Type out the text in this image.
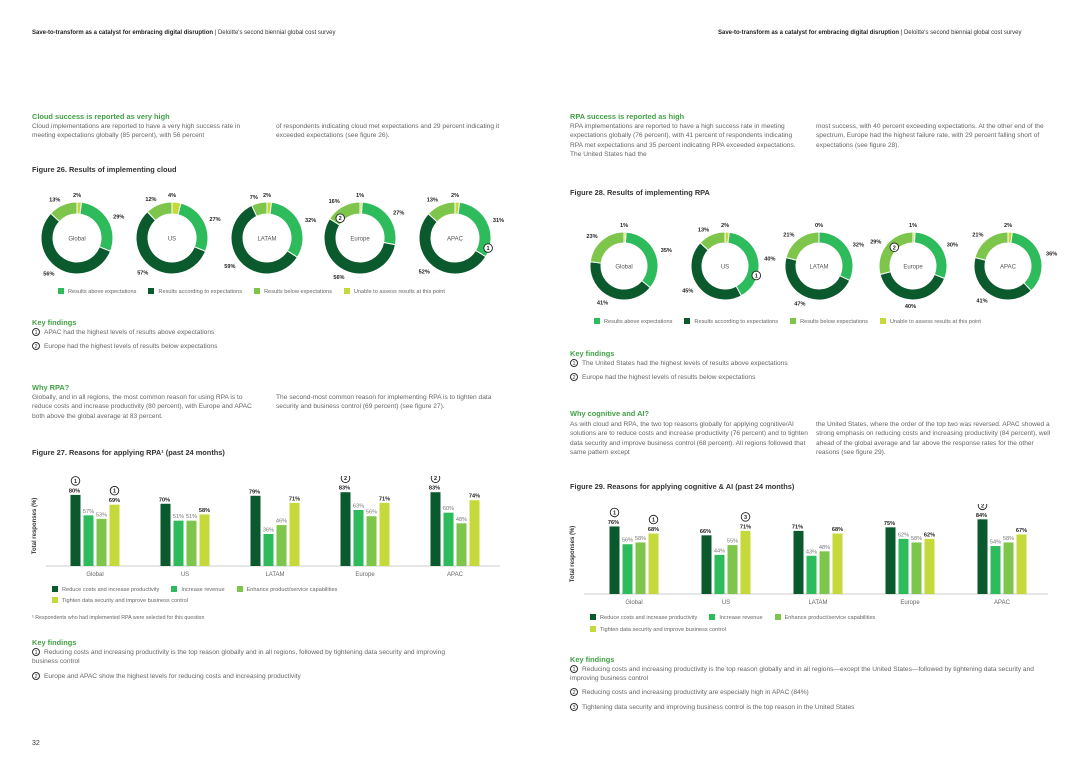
Save-to-transform as a catalyst for embracing digital disruption | Deloitte's second biennial global cost survey
Cloud success is reported as very high
Cloud implementations are reported to have a very high success rate in meeting expectations globally (85 percent), with 56 percent
of respondents indicating cloud met expectations and 29 percent indicating it exceeded expectations (see figure 26).
Figure 26. Results of implementing cloud
Global
2%
29%
56%
13%
US
4%
27%
57%
12%
LATAM
2%
32%
59%
7%
Europe
1%
27%
56%
16%
2
APAC
2%
31%
52%
13%
1
Results above expectations	Results according to expectations	Results below expectations	Unable to assess results at this point
Key findings
1 APAC had the highest levels of results above expectations
2 Europe had the highest levels of results below expectations
Why RPA?
Globally, and in all regions, the most common reason for using RPA is to reduce costs and increase productivity (80 percent), with Europe and APAC both above the global average at 83 percent.
The second-most common reason for implementing RPA is to tighten data security and business control (69 percent) (see figure 27).
Figure 27. Reasons for applying RPA¹ (past 24 months)
Total responses (%)
80%
57%
53%
69%
Global
70%
51% 51%
58%
US
79%
36%
46%
71%
LATAM
83%
63%
56%
71%
Europe
83%
60%
48%
74%
APAC
1
1
2	2
Reduce costs and increase productivity	Increase revenue	Enhance product/service capabilities
Tighten data security and improve business control
¹ Respondents who had implemented RPA were selected for this question
Key findings
1 Reducing costs and increasing productivity is the top reason globally and in all regions, followed by tightening data security and improving business control
2 Europe and APAC show the highest levels for reducing costs and increasing productivity
32
Save-to-transform as a catalyst for embracing digital disruption | Deloitte's second biennial global cost survey
RPA success is reported as high
RPA implementations are reported to have a high success rate in meeting expectations globally (76 percent), with 41 percent of respondents indicating RPA met expectations and 35 percent indicating RPA exceeded expectations. The United States had the
most success, with 40 percent exceeding expectations. At the other end of the spectrum, Europe had the highest failure rate, with 29 percent falling short of expectations (see figure 28).
Figure 28. Results of implementing RPA
Global
1%
35%
41%
23%
US
2%
40%
45%
13%
1
LATAM
0%
32%
47%
21%
Europe
1%
30%
40%
29%
2
APAC
2%
36%
41%
21%
Results above expectations	Results according to expectations	Results below expectations	Unable to assess results at this point
Key findings
1 The United States had the highest levels of results above expectations
2 Europe had the highest levels of results below expectations
Why cognitive and AI?
As with cloud and RPA, the two top reasons globally for applying cognitive/AI solutions are to reduce costs and increase productivity (76 percent) and to tighten data security and improve business control (68 percent). All regions followed that same pattern except
the United States, where the order of the top two was reversed. APAC showed a strong emphasis on reducing costs and increasing productivity (84 percent), well ahead of the global average and far above the response rates for the other reasons (see figure 29).
Figure 29. Reasons for applying cognitive & AI (past 24 months)
Total responses (%)
76%
56% 58%
68%
Global
66%
44%
55%
71%
US
71%
43%
48%
68%
LATAM
75%
62%
58%
62%
Europe
84%
54%
58%
67%
APAC
1
1	3
2
Reduce costs and increase productivity	Increase revenue	Enhance product/service capabilities
Tighten data security and improve business control
Key findings
1 Reducing costs and increasing productivity is the top reason globally and in all regions—except the United States—followed by tightening data security and improving business control
2 Reducing costs and increasing productivity are especially high in APAC (84%)
3 Tightening data security and improving business control is the top reason in the United States
